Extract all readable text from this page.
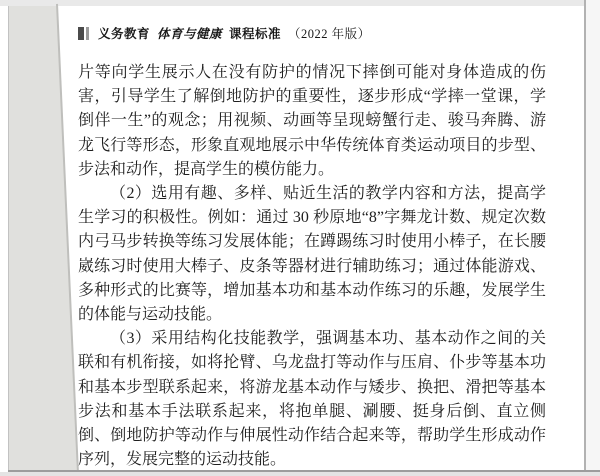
义务教育 体育与健康 课程标准 （2022 年版）

片等向学生展示人在没有防护的情况下摔倒可能对身体造成的伤害，引导学生了解倒地防护的重要性，逐步形成“学摔一堂课，学倒伴一生”的观念；用视频、动画等呈现螃蟹行走、骏马奔腾、游龙飞行等形态，形象直观地展示中华传统体育类运动项目的步型、步法和动作，提高学生的模仿能力。

（2）选用有趣、多样、贴近生活的教学内容和方法，提高学生学习的积极性。例如：通过 30 秒原地“8”字舞龙计数、规定次数内弓马步转换等练习发展体能；在蹲踢练习时使用小棒子，在长腰崴练习时使用大棒子、皮条等器材进行辅助练习；通过体能游戏、多种形式的比赛等，增加基本功和基本动作练习的乐趣，发展学生的体能与运动技能。

（3）采用结构化技能教学，强调基本功、基本动作之间的关联和有机衔接，如将抡臂、乌龙盘打等动作与压肩、仆步等基本功和基本步型联系起来，将游龙基本动作与矮步、换把、滑把等基本步法和基本手法联系起来，将抱单腿、涮腰、挺身后倒、直立侧倒、倒地防护等动作与伸展性动作结合起来等，帮助学生形成动作序列，发展完整的运动技能。
